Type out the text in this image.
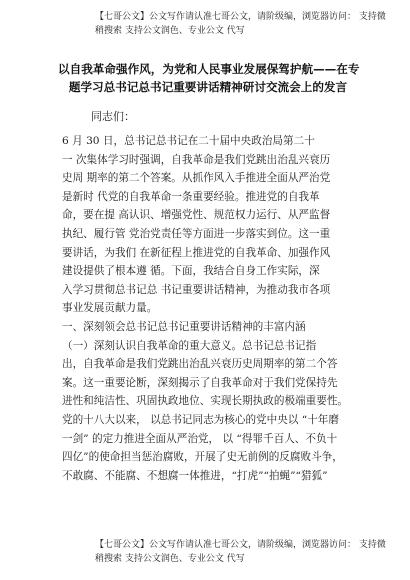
【七哥公文】公文写作请认准七哥公文，请阶级编，浏览器访问： 支持微
稍搜索 支持公文润色、专业公文 代写
以自我革命强作风，为党和人民事业发展保驾护航——在专
题学习总书记总书记重要讲话精神研讨交流会上的发言
同志们：
6 月 30 日，总书记总书记在二十届中央政治局第二十
一 次集体学习时强调，自我革命是我们党跳出治乱兴衰历
史周 期率的第二个答案。从抓作风入手推进全面从严治党
是新时 代党的自我革命一条重要经验。推进党的自我革
命，要在提 高认识、增强党性、规范权力运行、从严监督
执纪、履行管 党治党责任等方面进一步落实到位。这一重
要讲话，为我们 在新征程上推进党的自我革命、加强作风
建设提供了根本遵 循。下面，我结合自身工作实际，深
入学习贯彻总书记总 书记重要讲话精神，为推动我市各项
事业发展贡献力量。
一、深刻领会总书记总书记重要讲话精神的丰富内涵
（一）深刻认识自我革命的重大意义。总书记总书记指
出，自我革命是我们党跳出治乱兴衰历史周期率的第二个答
案。这一重要论断，深刻揭示了自我革命对于我们党保持先
进性和纯洁性、巩固执政地位、实现长期执政的极端重要性。
党的十八大以来， 以总书记同志为核心的党中央以 “十年磨
一剑” 的定力推进全面从严治党， 以 “得罪千百人、不负十
四亿”的使命担当惩治腐败，开展了史无前例的反腐败斗争，
不敢腐、不能腐、不想腐一体推进，“打虎”“拍蝇”“猎狐”
【七哥公文】公文写作请认准七哥公文，请阶级编，浏览器访问： 支持微
稍搜索 支持公文润色、专业公文 代写
